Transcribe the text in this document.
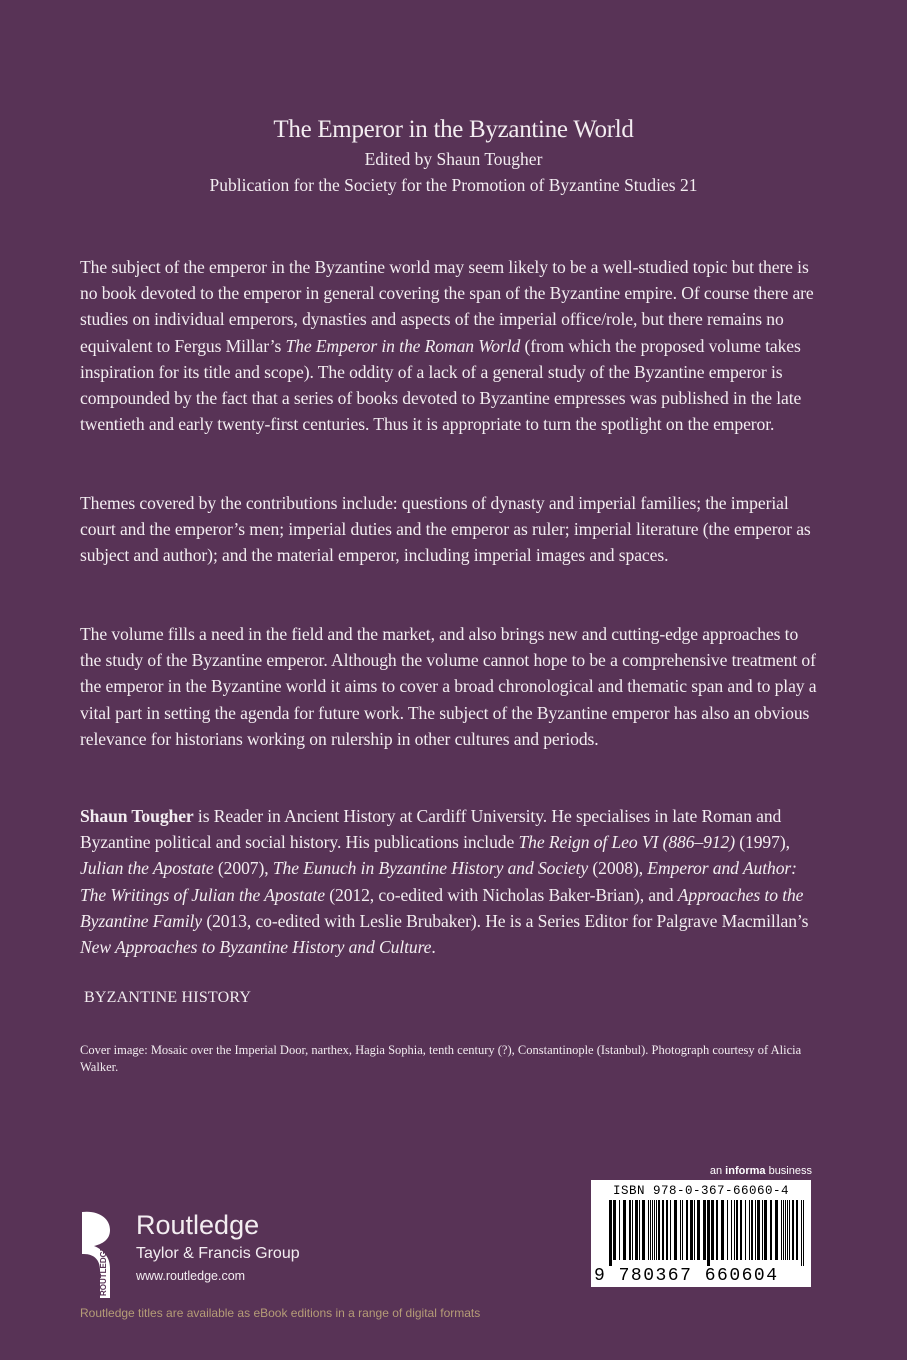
The Emperor in the Byzantine World
Edited by Shaun Tougher
Publication for the Society for the Promotion of Byzantine Studies 21

The subject of the emperor in the Byzantine world may seem likely to be a well-studied topic but there is no book devoted to the emperor in general covering the span of the Byzantine empire. Of course there are studies on individual emperors, dynasties and aspects of the imperial office/role, but there remains no equivalent to Fergus Millar’s The Emperor in the Roman World (from which the proposed volume takes inspiration for its title and scope). The oddity of a lack of a general study of the Byzantine emperor is compounded by the fact that a series of books devoted to Byzantine empresses was published in the late twentieth and early twenty-first centuries. Thus it is appropriate to turn the spotlight on the emperor.

Themes covered by the contributions include: questions of dynasty and imperial families; the imperial court and the emperor’s men; imperial duties and the emperor as ruler; imperial literature (the emperor as subject and author); and the material emperor, including imperial images and spaces.

The volume fills a need in the field and the market, and also brings new and cutting-edge approaches to the study of the Byzantine emperor. Although the volume cannot hope to be a comprehensive treatment of the emperor in the Byzantine world it aims to cover a broad chronological and thematic span and to play a vital part in setting the agenda for future work. The subject of the Byzantine emperor has also an obvious relevance for historians working on rulership in other cultures and periods.

Shaun Tougher is Reader in Ancient History at Cardiff University. He specialises in late Roman and Byzantine political and social history. His publications include The Reign of Leo VI (886–912) (1997), Julian the Apostate (2007), The Eunuch in Byzantine History and Society (2008), Emperor and Author: The Writings of Julian the Apostate (2012, co-edited with Nicholas Baker-Brian), and Approaches to the Byzantine Family (2013, co-edited with Leslie Brubaker). He is a Series Editor for Palgrave Macmillan’s New Approaches to Byzantine History and Culture.

BYZANTINE HISTORY
Cover image: Mosaic over the Imperial Door, narthex, Hagia Sophia, tenth century (?), Constantinople (Istanbul). Photograph courtesy of Alicia Walker.
ROUTLEDGE
Routledge
Taylor & Francis Group
www.routledge.com
an informa business
ISBN 978-0-367-66060-4
9 780367 660604
Routledge titles are available as eBook editions in a range of digital formats
